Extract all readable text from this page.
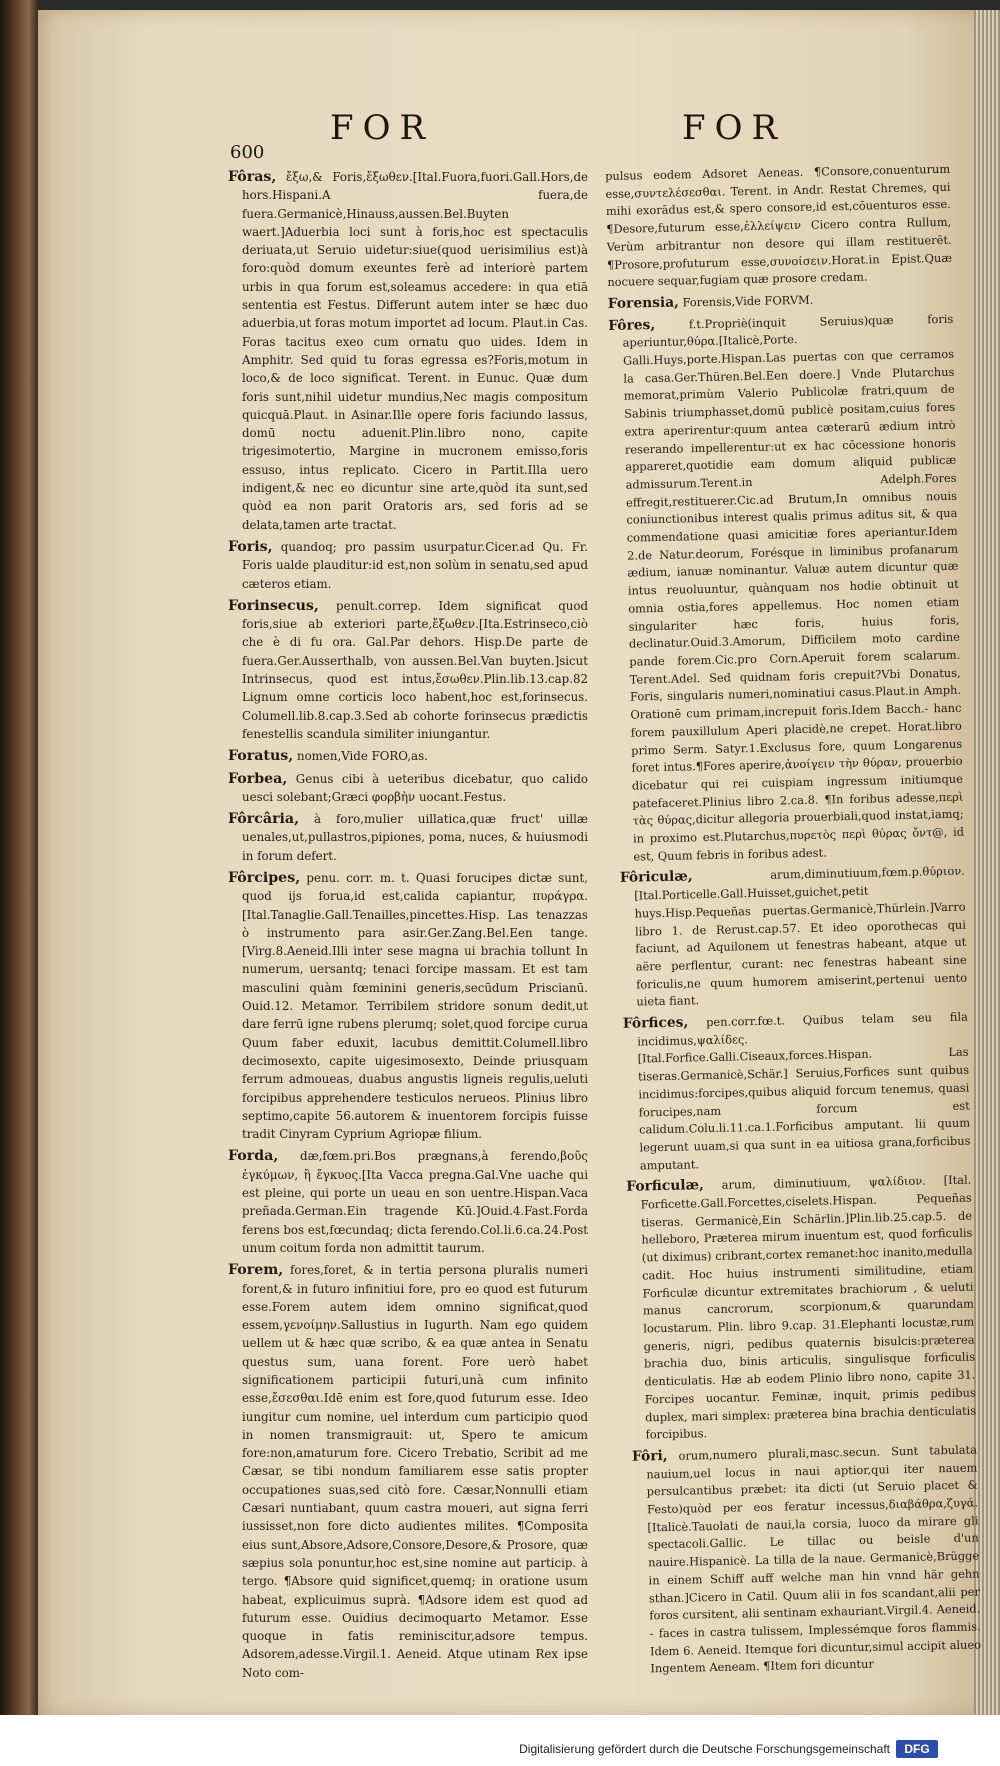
FOR	FOR
600
Fôras, ἔξω,& Foris,ἔξωθεν.[Ital.Fuora,fuori.Gall.Hors,de hors.Hispani.A fuera,de fuera.Germanicè,Hinauss,aussen.Bel.Buyten waert.]Aduerbia loci sunt à foris,hoc est spectaculis deriuata,ut Seruio uidetur:siue(quod uerisimilius est)à foro:quòd domum exeuntes ferè ad interiorè partem urbis in qua forum est,soleamus accedere: in qua etiā sententia est Festus. Differunt autem inter se hæc duo aduerbia,ut foras motum importet ad locum. Plaut.in Cas. Foras tacitus exeo cum ornatu quo uides. Idem in Amphitr. Sed quid tu foras egressa es?Foris,motum in loco,& de loco significat. Terent. in Eunuc. Quæ dum foris sunt,nihil uidetur mundius,Nec magis compositum quicquā.Plaut. in Asinar.Ille opere foris faciundo lassus, domū noctu aduenit.Plin.libro nono, capite trigesimotertio, Margine in mucronem emisso,foris essuso, intus replicato. Cicero in Partit.Illa uero indigent,& nec eo dicuntur sine arte,quòd ita sunt,sed quòd ea non parit Oratoris ars, sed foris ad se delata,tamen arte tractat.
Foris, quandoq; pro passim usurpatur.Cicer.ad Qu. Fr. Foris ualde plauditur:id est,non solùm in senatu,sed apud cæteros etiam.
Forinsecus, penult.correp. Idem significat quod foris,siue ab exteriori parte,ἔξωθεν.[Ita.Estrinseco,ciò che è di fu ora. Gal.Par dehors. Hisp.De parte de fuera.Ger.Ausserthalb, von aussen.Bel.Van buyten.]sicut Intrinsecus, quod est intus,ἔσωθεν.Plin.lib.13.cap.82 Lignum omne corticis loco habent,hoc est,forinsecus. Columell.lib.8.cap.3.Sed ab cohorte forinsecus prædictis fenestellis scandula similiter iniungantur.
Foratus, nomen,Vide FORO,as.
Forbea, Genus cibi à ueteribus dicebatur, quo calido uesci solebant;Græci φορβὴν uocant.Festus.
Fôrcâria, à foro,mulier uillatica,quæ fruct' uillæ uenales,ut,pullastros,pipiones, poma, nuces, & huiusmodi in forum defert.
Fôrcipes, penu. corr. m. t. Quasi forucipes dictæ sunt, quod ijs forua,id est,calida capiantur, πυράγρα.[Ital.Tanaglie.Gall.Tenailles,pincettes.Hisp. Las tenazzas ò instrumento para asir.Ger.Zang.Bel.Een tange.[Virg.8.Aeneid.Illi inter sese magna ui brachia tollunt In numerum, uersantq; tenaci forcipe massam. Et est tam masculini quàm fœminini generis,secūdum Priscianū. Ouid.12. Metamor. Terribilem stridore sonum dedit,ut dare ferrū igne rubens plerumq; solet,quod forcipe curua Quum faber eduxit, lacubus demittit.Columell.libro decimosexto, capite uigesimosexto, Deinde priusquam ferrum admoueas, duabus angustis ligneis regulis,ueluti forcipibus apprehendere testiculos nerueos. Plinius libro septimo,capite 56.autorem & inuentorem forcipis fuisse tradit Cinyram Cyprium Agriopæ filium.
Forda, dæ,fœm.pri.Bos prægnans,à ferendo,βοῦς ἐγκύμων, ἢ ἔγκυος.[Ita Vacca pregna.Gal.Vne uache qui est pleine, qui porte un ueau en son uentre.Hispan.Vaca preñada.German.Ein tragende Kū.]Ouid.4.Fast.Forda ferens bos est,fœcundaq; dicta ferendo.Col.li.6.ca.24.Post unum coitum forda non admittit taurum.
Forem, fores,foret, & in tertia persona pluralis numeri forent,& in futuro infinitiui fore, pro eo quod est futurum esse.Forem autem idem omnino significat,quod essem,γενοίμην.Sallustius in Iugurth. Nam ego quidem uellem ut & hæc quæ scribo, & ea quæ antea in Senatu questus sum, uana forent. Fore uerò habet significationem participii futuri,unà cum infinito esse,ἔσεσθαι.Idē enim est fore,quod futurum esse. Ideo iungitur cum nomine, uel interdum cum participio quod in nomen transmigrauit: ut, Spero te amicum fore:non,amaturum fore. Cicero Trebatio, Scribit ad me Cæsar, se tibi nondum familiarem esse satis propter occupationes suas,sed citò fore. Cæsar,Nonnulli etiam Cæsari nuntiabant, quum castra moueri, aut signa ferri iussisset,non fore dicto audientes milites. ¶Composita eius sunt,Absore,Adsore,Consore,Desore,& Prosore, quæ sæpius sola ponuntur,hoc est,sine nomine aut particip. à tergo. ¶Absore quid significet,quemq; in oratione usum habeat, explicuimus suprà. ¶Adsore idem est quod ad futurum esse. Ouidius decimoquarto Metamor. Esse quoque in fatis reminiscitur,adsore tempus. Adsorem,adesse.Virgil.1. Aeneid. Atque utinam Rex ipse Noto com-
pulsus eodem Adsoret Aeneas. ¶Consore,conuenturum esse,συντελέσεσθαι. Terent. in Andr. Restat Chremes, qui mihi exorādus est,& spero consore,id est,cōuenturos esse. ¶Desore,futurum esse,ἐλλείψειν Cicero contra Rullum, Verùm arbitrantur non desore qui illam restituerēt. ¶Prosore,profuturum esse,συνοίσειν.Horat.in Epist.Quæ nocuere sequar,fugiam quæ prosore credam.
Forensia, Forensis,Vide FORVM.
Fôres,	f.t.Propriè(inquit Seruius)quæ foris aperiuntur,θύρα.[Italicè,Porte. Galli.Huys,porte.Hispan.Las puertas con que cerramos la casa.Ger.Thüren.Bel.Een doere.] Vnde Plutarchus memorat,primùm Valerio Publicolæ fratri,quum de Sabinis triumphasset,domū publicè positam,cuius fores extra aperirentur:quum antea cæterarū ædium intrò reserando impellerentur:ut ex hac cōcessione honoris appareret,quotidie eam domum aliquid publicæ admissurum.Terent.in Adelph.Fores effregit,restituerer.Cic.ad Brutum,In omnibus nouis coniunctionibus interest qualis primus aditus sit, & qua commendatione quasi amicitiæ fores aperiantur.Idem 2.de Natur.deorum, Forésque in liminibus profanarum ædium, ianuæ nominantur. Valuæ autem dicuntur quæ intus reuoluuntur, quànquam nos hodie obtinuit ut omnia ostia,fores appellemus. Hoc nomen etiam singulariter hæc foris, huius foris, declinatur.Ouid.3.Amorum, Difficilem moto cardine pande forem.Cic.pro Corn.Aperuit forem scalarum. Terent.Adel. Sed quidnam foris crepuit?Vbi Donatus, Foris, singularis numeri,nominatiui casus.Plaut.in Amph. Orationē cum primam,increpuit foris.Idem Bacch.- hanc forem pauxillulum Aperi placidè,ne crepet. Horat.libro primo Serm. Satyr.1.Exclusus fore, quum Longarenus foret intus.¶Fores aperire,ἀνοίγειν τὴν θύραν, prouerbio dicebatur qui rei cuispiam ingressum initiumque patefaceret.Plinius libro 2.ca.8. ¶In foribus adesse,περὶ τὰς θύρας,dicitur allegoria prouerbiali,quod instat,iamq; in proximo est.Plutarchus,πυρετὸς περὶ θύρας ὄντ@, id est, Quum febris in foribus adest.
Fôriculæ,	arum,diminutiuum,fœm.p.θύριον.[Ital.Porticelle.Gall.Huisset,guichet,petit huys.Hisp.Pequeñas puertas.Germanicè,Thürlein.]Varro libro 1. de Rerust.cap.57. Et ideo oporothecas qui faciunt, ad Aquilonem ut fenestras habeant, atque ut aëre perflentur, curant: nec fenestras habeant sine foriculis,ne quum humorem amiserint,pertenui uento uieta fiant.
Fôrfices, pen.corr.fœ.t. Quibus telam seu fila incidimus,ψαλίδες.[Ital.Forfice.Galli.Ciseaux,forces.Hispan. Las tiseras.Germanicè,Schär.] Seruius,Forfices sunt quibus incidimus:forcipes,quibus aliquid forcum tenemus, quasi forucipes,nam forcum est calidum.Colu.li.11.ca.1.Forficibus amputant. lii quum legerunt uuam,si qua sunt in ea uitiosa grana,forficibus amputant.
Forficulæ, arum, diminutiuum, ψαλίδιον. [Ital. Forficette.Gall.Forcettes,ciselets.Hispan. Pequeñas tiseras. Germanicè,Ein Schärlin.]Plin.lib.25.cap.5. de helleboro, Præterea mirum inuentum est, quod forficulis (ut diximus) cribrant,cortex remanet:hoc inanito,medulla cadit. Hoc huius instrumenti similitudine, etiam Forficulæ dicuntur extremitates brachiorum , & ueluti manus cancrorum, scorpionum,& quarundam locustarum. Plin. libro 9.cap. 31.Elephanti locustæ,rum generis, nigri, pedibus quaternis bisulcis:præterea brachia duo, binis articulis, singulisque forficulis denticulatis. Hæ ab eodem Plinio libro nono, capite 31. Forcipes uocantur. Feminæ, inquit, primis pedibus duplex, mari simplex: præterea bina brachia denticulatis forcipibus.
Fôri, orum,numero plurali,masc.secun. Sunt tabulata nauium,uel locus in naui aptior,qui iter nauem persulcantibus præbet: ita dicti (ut Seruio placet & Festo)quòd per eos feratur incessus,διαβάθρα,ζυγά.[Italicè.Tauolati de naui,la corsia, luoco da mirare gli spectacoli.Gallic. Le tillac ou beisle d'un nauire.Hispanicè. La tilla de la naue. Germanicè,Brügge in einem Schiff auff welche man hin vnnd här gehn sthan.]Cicero in Catil. Quum alii in fos scandant,alii per foros cursitent, alii sentinam exhauriant.Virgil.4. Aeneid. - faces in castra tulissem, Implessémque foros flammis. Idem 6. Aeneid. Itemque fori dicuntur,simul accipit alueo Ingentem Aeneam. ¶Item fori dicuntur
Digitalisierung gefördert durch die Deutsche Forschungsgemeinschaft	DFG
